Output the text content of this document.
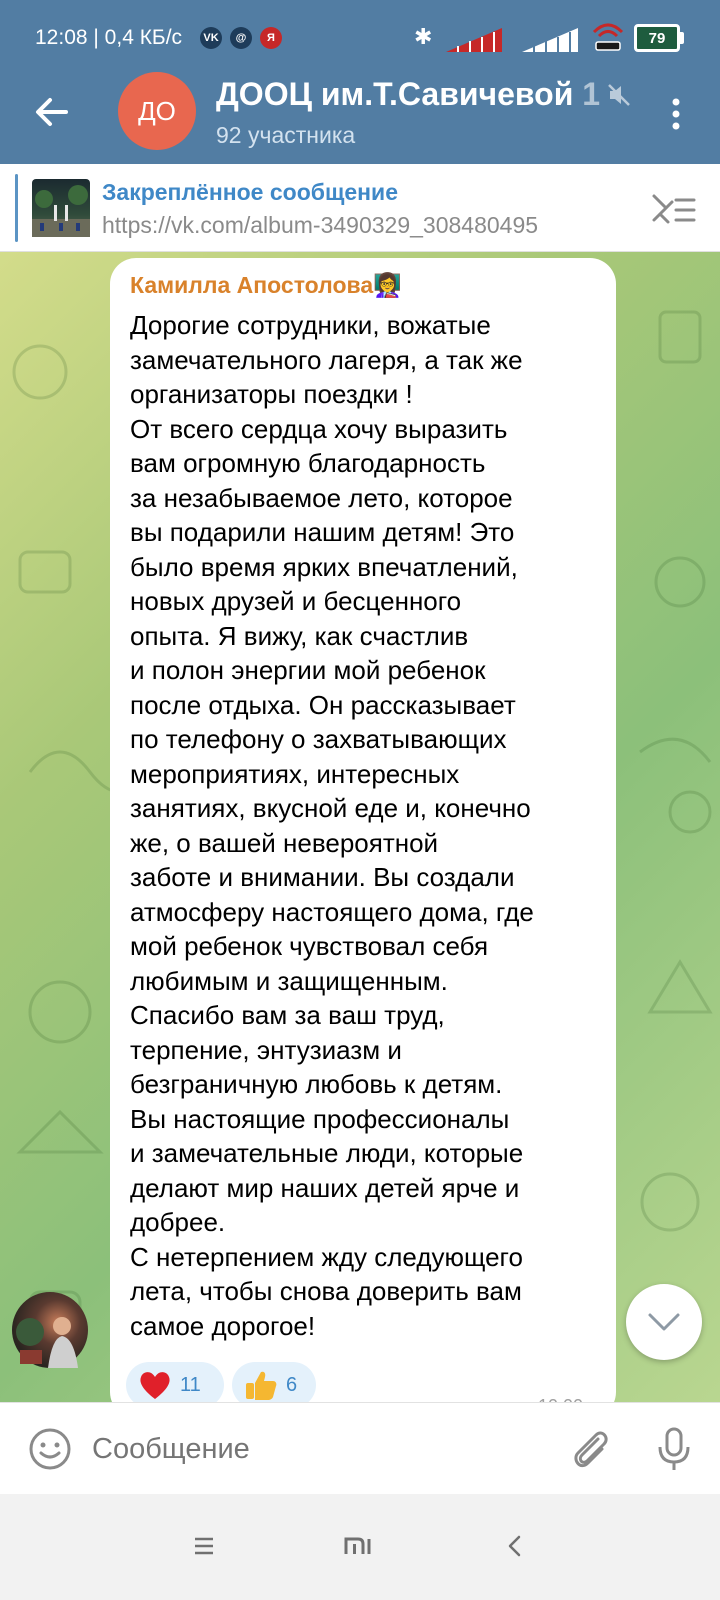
12:08 | 0,4 КБ/с	VK	@	Я	✱	79
ДО ДООЦ им.Т.Савичевой 1
92 участника
Закреплённое сообщение
https://vk.com/album-3490329_308480495
Камилла Апостолова👩‍🏫
Дорогие сотрудники, вожатые
замечательного лагеря, а так же
организаторы поездки !
От всего сердца хочу выразить
вам огромную благодарность
за незабываемое лето, которое
вы подарили нашим детям! Это
было время ярких впечатлений,
новых друзей и бесценного
опыта. Я вижу, как счастлив
и полон энергии мой ребенок
после отдыха. Он рассказывает
по телефону о захватывающих
мероприятиях, интересных
занятиях, вкусной еде и, конечно
же, о вашей невероятной
заботе и внимании. Вы создали
атмосферу настоящего дома, где
мой ребенок чувствовал себя
любимым и защищенным.
Спасибо вам за ваш труд,
терпение, энтузиазм и
безграничную любовь к детям.
Вы настоящие профессионалы
и замечательные люди, которые
делают мир наших детей ярче и
добрее.
С нетерпением жду следующего
лета, чтобы снова доверить вам
самое дорогое!
11	6
Сообщение
